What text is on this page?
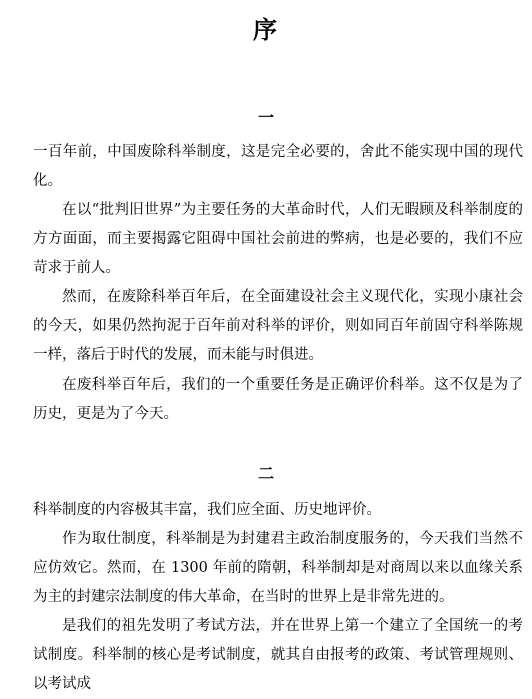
序
一
一百年前，中国废除科举制度，这是完全必要的，舍此不能实现中国的现代化。
在以“批判旧世界”为主要任务的大革命时代，人们无暇顾及科举制度的方方面面，而主要揭露它阻碍中国社会前进的弊病，也是必要的，我们不应苛求于前人。
然而，在废除科举百年后，在全面建设社会主义现代化，实现小康社会的今天，如果仍然拘泥于百年前对科举的评价，则如同百年前固守科举陈规一样，落后于时代的发展，而未能与时俱进。
在废科举百年后，我们的一个重要任务是正确评价科举。这不仅是为了历史，更是为了今天。
二
科举制度的内容极其丰富，我们应全面、历史地评价。
作为取仕制度，科举制是为封建君主政治制度服务的，今天我们当然不应仿效它。然而，在 1300 年前的隋朝，科举制却是对商周以来以血缘关系为主的封建宗法制度的伟大革命，在当时的世界上是非常先进的。
是我们的祖先发明了考试方法，并在世界上第一个建立了全国统一的考试制度。科举制的核心是考试制度，就其自由报考的政策、考试管理规则、以考试成
